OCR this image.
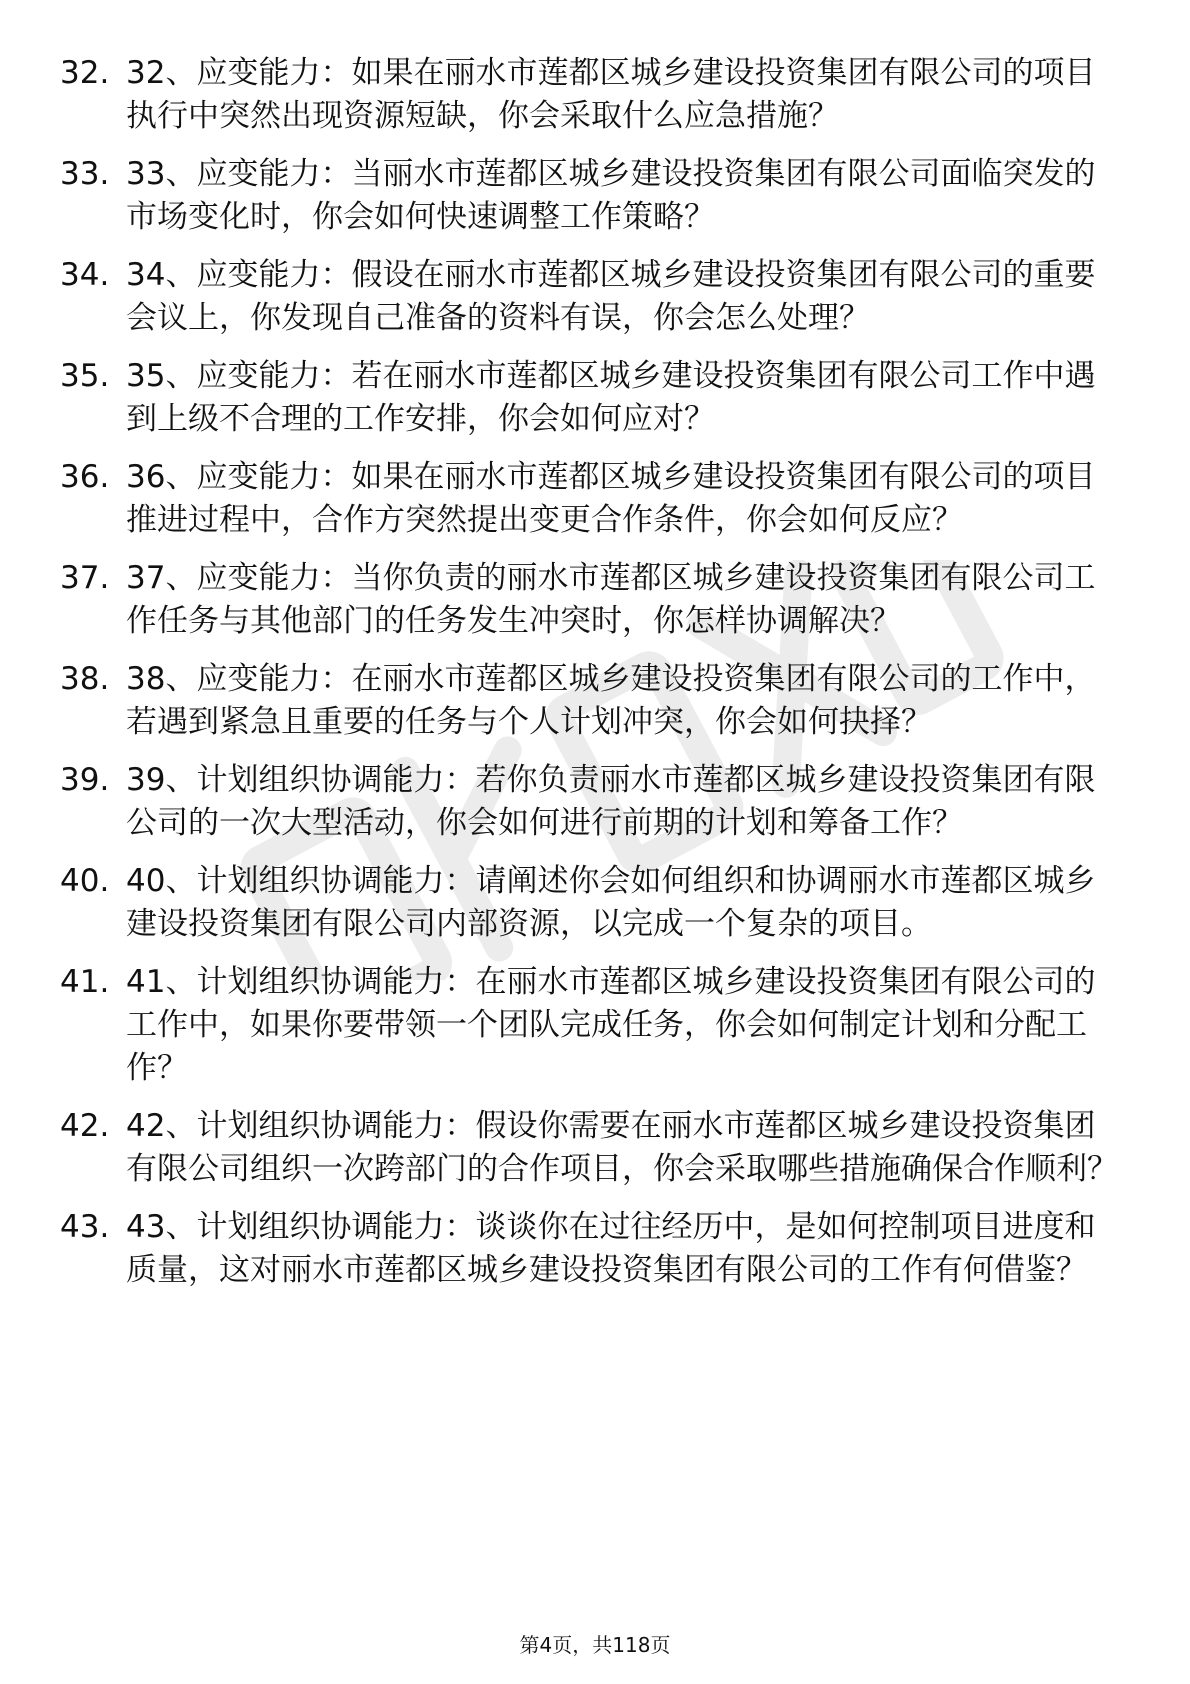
32. 32、应变能力：如果在丽水市莲都区城乡建设投资集团有限公司的项目执行中突然出现资源短缺，你会采取什么应急措施？
33. 33、应变能力：当丽水市莲都区城乡建设投资集团有限公司面临突发的市场变化时，你会如何快速调整工作策略？
34. 34、应变能力：假设在丽水市莲都区城乡建设投资集团有限公司的重要会议上，你发现自己准备的资料有误，你会怎么处理？
35. 35、应变能力：若在丽水市莲都区城乡建设投资集团有限公司工作中遇到上级不合理的工作安排，你会如何应对？
36. 36、应变能力：如果在丽水市莲都区城乡建设投资集团有限公司的项目推进过程中，合作方突然提出变更合作条件，你会如何反应？
37. 37、应变能力：当你负责的丽水市莲都区城乡建设投资集团有限公司工作任务与其他部门的任务发生冲突时，你怎样协调解决？
38. 38、应变能力：在丽水市莲都区城乡建设投资集团有限公司的工作中，若遇到紧急且重要的任务与个人计划冲突，你会如何抉择？
39. 39、计划组织协调能力：若你负责丽水市莲都区城乡建设投资集团有限公司的一次大型活动，你会如何进行前期的计划和筹备工作？
40. 40、计划组织协调能力：请阐述你会如何组织和协调丽水市莲都区城乡建设投资集团有限公司内部资源，以完成一个复杂的项目。
41. 41、计划组织协调能力：在丽水市莲都区城乡建设投资集团有限公司的工作中，如果你要带领一个团队完成任务，你会如何制定计划和分配工作？
42. 42、计划组织协调能力：假设你需要在丽水市莲都区城乡建设投资集团有限公司组织一次跨部门的合作项目，你会采取哪些措施确保合作顺利？
43. 43、计划组织协调能力：谈谈你在过往经历中，是如何控制项目进度和质量，这对丽水市莲都区城乡建设投资集团有限公司的工作有何借鉴？
第4页，共118页
